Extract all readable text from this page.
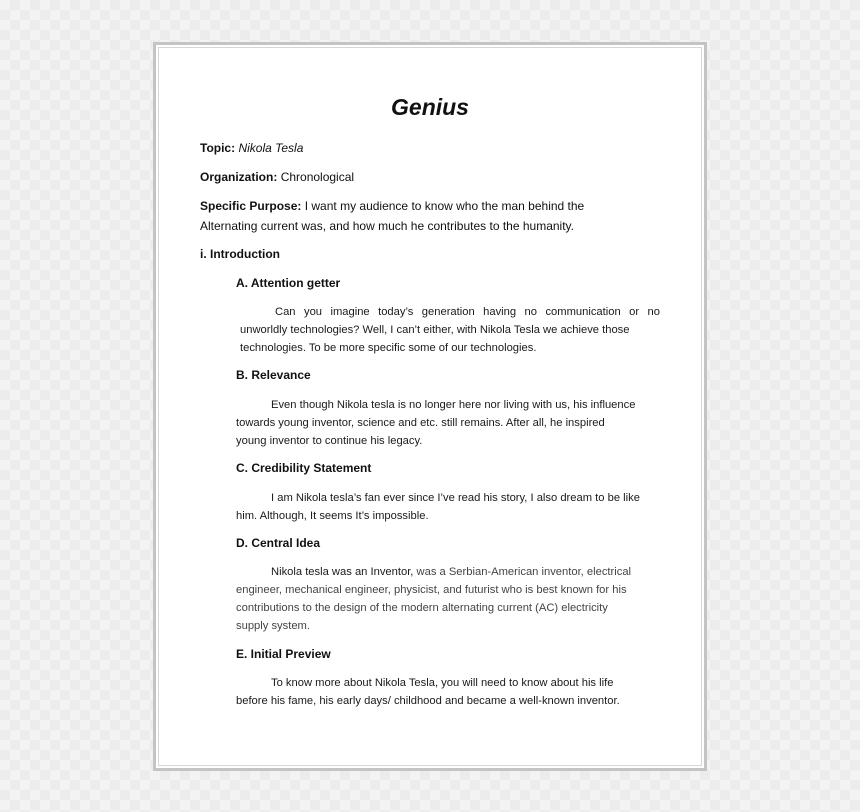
Genius

Topic: Nikola Tesla

Organization: Chronological

Specific Purpose: I want my audience to know who the man behind the

Alternating current was, and how much he contributes to the humanity.

i. Introduction

A. Attention getter

Can you imagine today’s generation having no communication or no
unworldly technologies? Well, I can’t either, with Nikola Tesla we achieve those
technologies. To be more specific some of our technologies.

B. Relevance

Even though Nikola tesla is no longer here nor living with us, his influence
towards young inventor, science and etc. still remains. After all, he inspired
young inventor to continue his legacy.

C. Credibility Statement

I am Nikola tesla’s fan ever since I’ve read his story, I also dream to be like
him. Although, It seems It’s impossible.

D. Central Idea

Nikola tesla was an Inventor, was a Serbian-American inventor, electrical
engineer, mechanical engineer, physicist, and futurist who is best known for his
contributions to the design of the modern alternating current (AC) electricity
supply system.

E. Initial Preview

To know more about Nikola Tesla, you will need to know about his life
before his fame, his early days/ childhood and became a well-known inventor.
